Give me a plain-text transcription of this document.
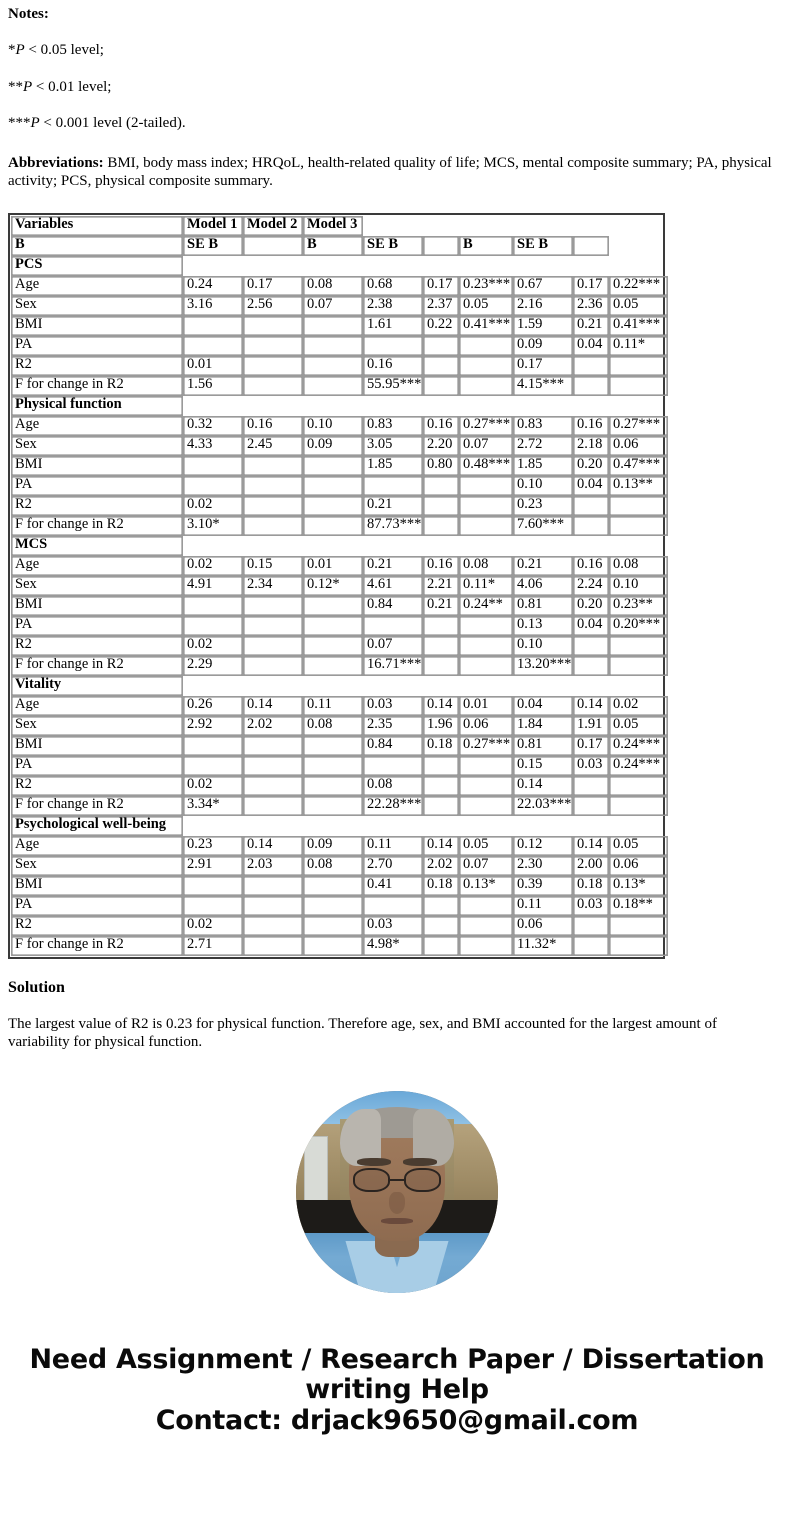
Notes:

*P < 0.05 level;

**P < 0.01 level;

***P < 0.001 level (2-tailed).

Abbreviations: BMI, body mass index; HRQoL, health-related quality of life; MCS, mental composite summary; PA, physical activity; PCS, physical composite summary.

Variables	Model 1	Model 2	Model 3							
B	SE B		B	SE B		B	SE B			
PCS										
Age	0.24	0.17	0.08	0.68	0.17	0.23***	0.67	0.17	0.22***	
Sex	3.16	2.56	0.07	2.38	2.37	0.05	2.16	2.36	0.05	
BMI				1.61	0.22	0.41***	1.59	0.21	0.41***	
PA							0.09	0.04	0.11*	
R2	0.01			0.16			0.17			
F for change in R2	1.56			55.95***			4.15***			
Physical function										
Age	0.32	0.16	0.10	0.83	0.16	0.27***	0.83	0.16	0.27***	
Sex	4.33	2.45	0.09	3.05	2.20	0.07	2.72	2.18	0.06	
BMI				1.85	0.80	0.48***	1.85	0.20	0.47***	
PA							0.10	0.04	0.13**	
R2	0.02			0.21			0.23			
F for change in R2	3.10*			87.73***			7.60***			
MCS										
Age	0.02	0.15	0.01	0.21	0.16	0.08	0.21	0.16	0.08	
Sex	4.91	2.34	0.12*	4.61	2.21	0.11*	4.06	2.24	0.10	
BMI				0.84	0.21	0.24**	0.81	0.20	0.23**	
PA							0.13	0.04	0.20***	
R2	0.02			0.07			0.10			
F for change in R2	2.29			16.71***			13.20***			
Vitality										
Age	0.26	0.14	0.11	0.03	0.14	0.01	0.04	0.14	0.02	
Sex	2.92	2.02	0.08	2.35	1.96	0.06	1.84	1.91	0.05	
BMI				0.84	0.18	0.27***	0.81	0.17	0.24***	
PA							0.15	0.03	0.24***	
R2	0.02			0.08			0.14			
F for change in R2	3.34*			22.28***			22.03***			
Psychological well-being										
Age	0.23	0.14	0.09	0.11	0.14	0.05	0.12	0.14	0.05	
Sex	2.91	2.03	0.08	2.70	2.02	0.07	2.30	2.00	0.06	
BMI				0.41	0.18	0.13*	0.39	0.18	0.13*	
PA							0.11	0.03	0.18**	
R2	0.02			0.03			0.06			
F for change in R2	2.71			4.98*			11.32*			

Solution

The largest value of R2 is 0.23 for physical function. Therefore age, sex, and BMI accounted for the largest amount of variability for physical function.

Need Assignment / Research Paper / Dissertation
writing Help
Contact: drjack9650@gmail.com
